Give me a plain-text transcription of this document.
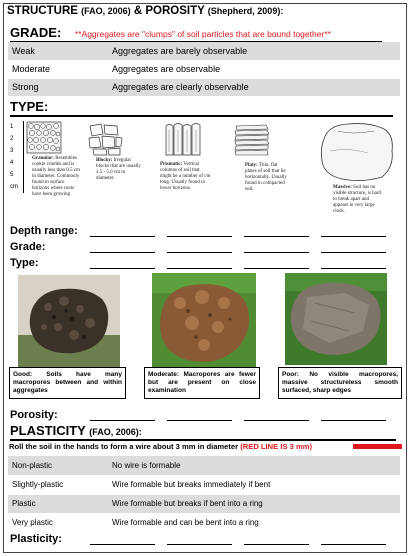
STRUCTURE (FAO, 2006) & POROSITY (Shepherd, 2009):
GRADE: **Aggregates are "clumps" of soil particles that are bound together**
Weak	Aggregates are barely observable
Moderate	Aggregates are observable
Strong	Aggregates are clearly observable
TYPE:
1
2
3
4
5
cm
Granular: Resembles cookie crumbs and is usually less than 0.5 cm in diameter. Commonly found in surface horizons where roots have been growing
Blocky: Irregular blocks that are usually 1.5 - 5.0 cm in diameter.
Prismatic: Vertical columns of soil that might be a number of cm long. Usually found in lower horizons.
Platy: Thin, flat plates of soil that lie horizontally. Usually found in compacted soil.	Massive: Soil has no visible structure, is hard to break apart and appears in very large clods.
Depth range:
Grade:
Type:
Good: Soils have many macropores between and within aggregates
Moderate: Macropores are fewer but are present on close examination
Poor: No visible macropores, massive structureless smooth surfaced, sharp edges
Porosity:
PLASTICITY (FAO, 2006):
Roll the soil in the hands to form a wire about 3 mm in diameter (RED LINE IS 3 mm)
Non-plastic	No wire is formable
Slightly-plastic	Wire formable but breaks immediately if bent
Plastic	Wire formable but breaks if bent into a ring
Very plastic	Wire formable and can be bent into a ring
Plasticity:
